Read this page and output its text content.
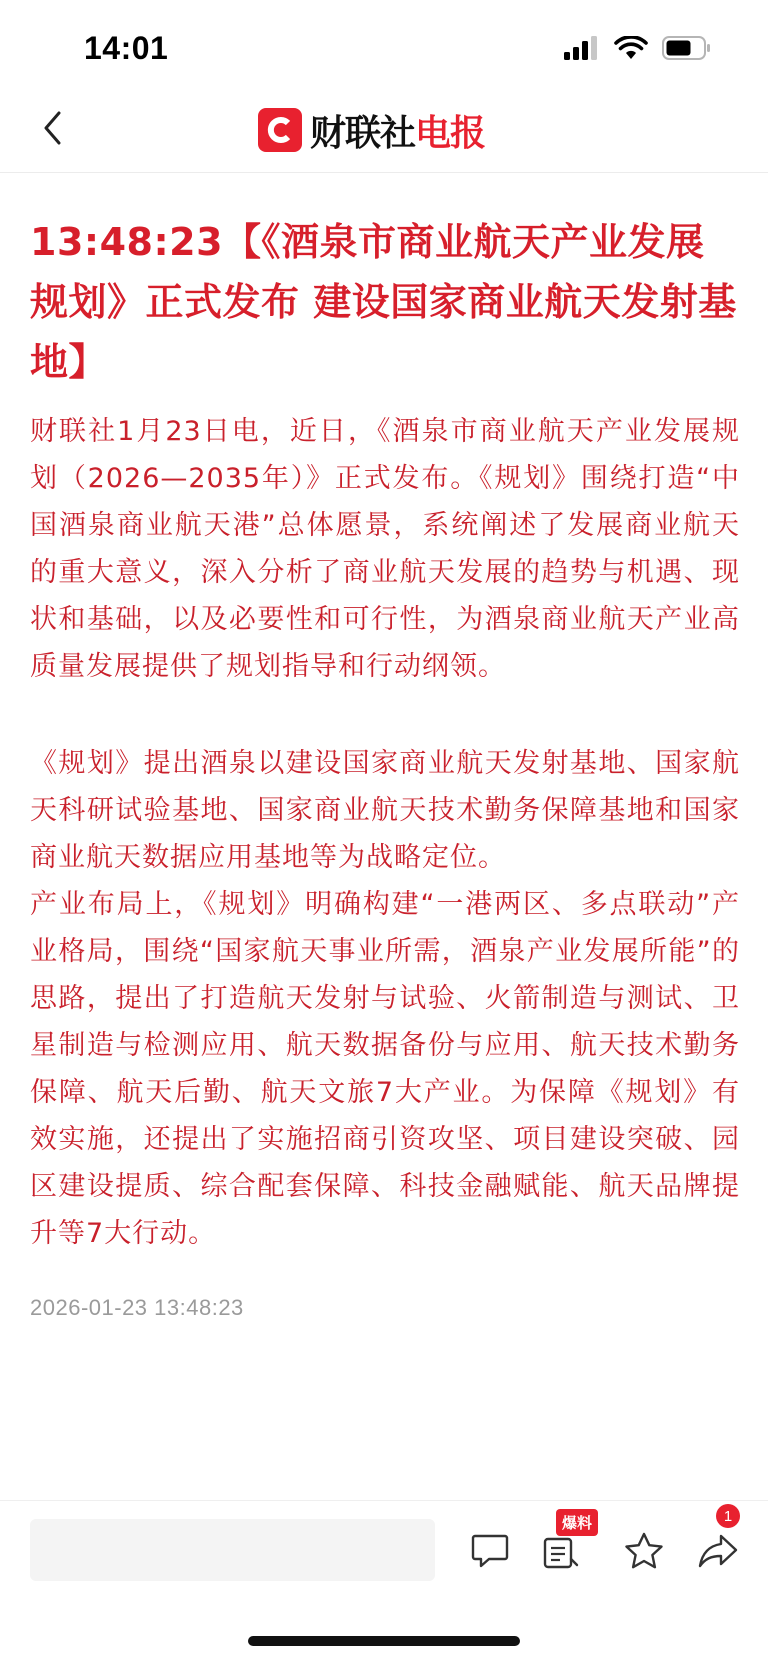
14:01
财联社 电报
13:48:23【《酒泉市商业航天产业发展规划》正式发布 建设国家商业航天发射基地】

财联社1月23日电，近日，《酒泉市商业航天产业发展规划（2026—2035年）》正式发布。《规划》围绕打造“中国酒泉商业航天港”总体愿景，系统阐述了发展商业航天的重大意义，深入分析了商业航天发展的趋势与机遇、现状和基础，以及必要性和可行性，为酒泉商业航天产业高质量发展提供了规划指导和行动纲领。

《规划》提出酒泉以建设国家商业航天发射基地、国家航天科研试验基地、国家商业航天技术勤务保障基地和国家商业航天数据应用基地等为战略定位。

产业布局上，《规划》明确构建“一港两区、多点联动”产业格局，围绕“国家航天事业所需，酒泉产业发展所能”的思路，提出了打造航天发射与试验、火箭制造与测试、卫星制造与检测应用、航天数据备份与应用、航天技术勤务保障、航天后勤、航天文旅7大产业。为保障《规划》有效实施，还提出了实施招商引资攻坚、项目建设突破、园区建设提质、综合配套保障、科技金融赋能、航天品牌提升等7大行动。

2026-01-23 13:48:23
爆料	1
